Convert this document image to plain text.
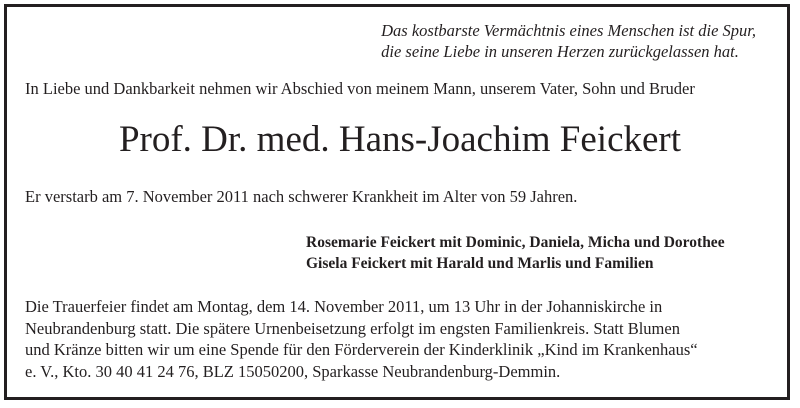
Das kostbarste Vermächtnis eines Menschen ist die Spur,
die seine Liebe in unseren Herzen zurückgelassen hat.
In Liebe und Dankbarkeit nehmen wir Abschied von meinem Mann, unserem Vater, Sohn und Bruder
Prof. Dr. med. Hans-Joachim Feickert
Er verstarb am 7. November 2011 nach schwerer Krankheit im Alter von 59 Jahren.
Rosemarie Feickert mit Dominic, Daniela, Micha und Dorothee
Gisela Feickert mit Harald und Marlis und Familien
Die Trauerfeier findet am Montag, dem 14. November 2011, um 13 Uhr in der Johanniskirche in
Neubrandenburg statt. Die spätere Urnenbeisetzung erfolgt im engsten Familienkreis. Statt Blumen
und Kränze bitten wir um eine Spende für den Förderverein der Kinderklinik „Kind im Krankenhaus“
e. V., Kto. 30 40 41 24 76, BLZ 15050200, Sparkasse Neubrandenburg-Demmin.
